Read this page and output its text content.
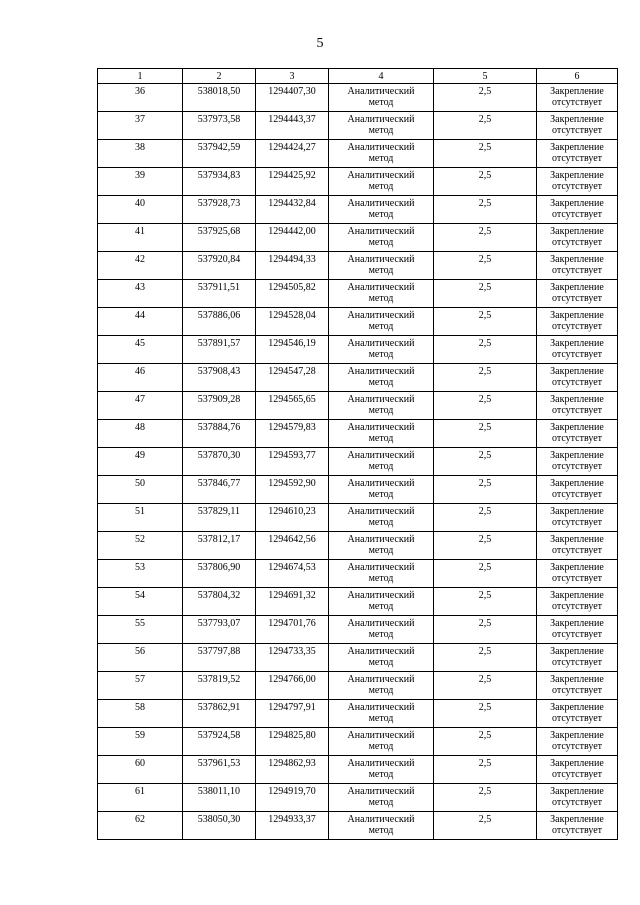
5
1	2	3	4	5	6

36	538018,50	1294407,30	Аналитический
метод	2,5	Закрепление
отсутствует

37	537973,58	1294443,37	Аналитический
метод	2,5	Закрепление
отсутствует

38	537942,59	1294424,27	Аналитический
метод	2,5	Закрепление
отсутствует

39	537934,83	1294425,92	Аналитический
метод	2,5	Закрепление
отсутствует

40	537928,73	1294432,84	Аналитический
метод	2,5	Закрепление
отсутствует

41	537925,68	1294442,00	Аналитический
метод	2,5	Закрепление
отсутствует

42	537920,84	1294494,33	Аналитический
метод	2,5	Закрепление
отсутствует

43	537911,51	1294505,82	Аналитический
метод	2,5	Закрепление
отсутствует

44	537886,06	1294528,04	Аналитический
метод	2,5	Закрепление
отсутствует

45	537891,57	1294546,19	Аналитический
метод	2,5	Закрепление
отсутствует

46	537908,43	1294547,28	Аналитический
метод	2,5	Закрепление
отсутствует

47	537909,28	1294565,65	Аналитический
метод	2,5	Закрепление
отсутствует

48	537884,76	1294579,83	Аналитический
метод	2,5	Закрепление
отсутствует

49	537870,30	1294593,77	Аналитический
метод	2,5	Закрепление
отсутствует

50	537846,77	1294592,90	Аналитический
метод	2,5	Закрепление
отсутствует

51	537829,11	1294610,23	Аналитический
метод	2,5	Закрепление
отсутствует

52	537812,17	1294642,56	Аналитический
метод	2,5	Закрепление
отсутствует

53	537806,90	1294674,53	Аналитический
метод	2,5	Закрепление
отсутствует

54	537804,32	1294691,32	Аналитический
метод	2,5	Закрепление
отсутствует

55	537793,07	1294701,76	Аналитический
метод	2,5	Закрепление
отсутствует

56	537797,88	1294733,35	Аналитический
метод	2,5	Закрепление
отсутствует

57	537819,52	1294766,00	Аналитический
метод	2,5	Закрепление
отсутствует

58	537862,91	1294797,91	Аналитический
метод	2,5	Закрепление
отсутствует

59	537924,58	1294825,80	Аналитический
метод	2,5	Закрепление
отсутствует

60	537961,53	1294862,93	Аналитический
метод	2,5	Закрепление
отсутствует

61	538011,10	1294919,70	Аналитический
метод	2,5	Закрепление
отсутствует

62	538050,30	1294933,37	Аналитический
метод	2,5	Закрепление
отсутствует
